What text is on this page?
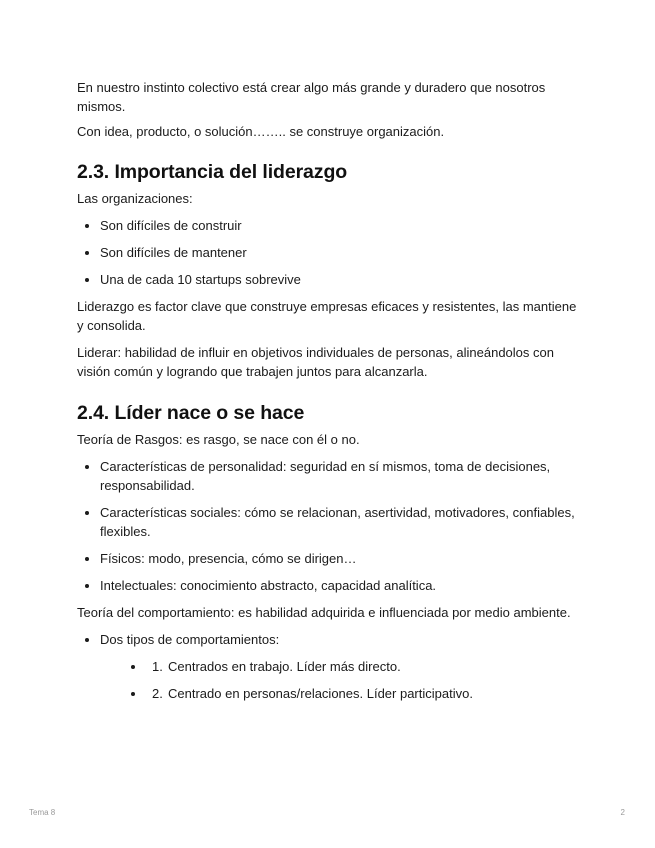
En nuestro instinto colectivo está crear algo más grande y duradero que nosotros mismos.

Con idea, producto, o solución…….. se construye organización.

2.3. Importancia del liderazgo

Las organizaciones:

Son difíciles de construir
Son difíciles de mantener
Una de cada 10 startups sobrevive

Liderazgo es factor clave que construye empresas eficaces y resistentes, las mantiene y consolida.

Liderar: habilidad de influir en objetivos individuales de personas, alineándolos con visión común y logrando que trabajen juntos para alcanzarla.

2.4. Líder nace o se hace

Teoría de Rasgos: es rasgo, se nace con él o no.

Características de personalidad: seguridad en sí mismos, toma de decisiones, responsabilidad.
Características sociales: cómo se relacionan, asertividad, motivadores, confiables, flexibles.
Físicos: modo, presencia, cómo se dirigen…
Intelectuales: conocimiento abstracto, capacidad analítica.

Teoría del comportamiento: es habilidad adquirida e influenciada por medio ambiente.

Dos tipos de comportamientos:
1. Centrados en trabajo. Líder más directo.
2. Centrado en personas/relaciones. Líder participativo.
Tema 8	2
